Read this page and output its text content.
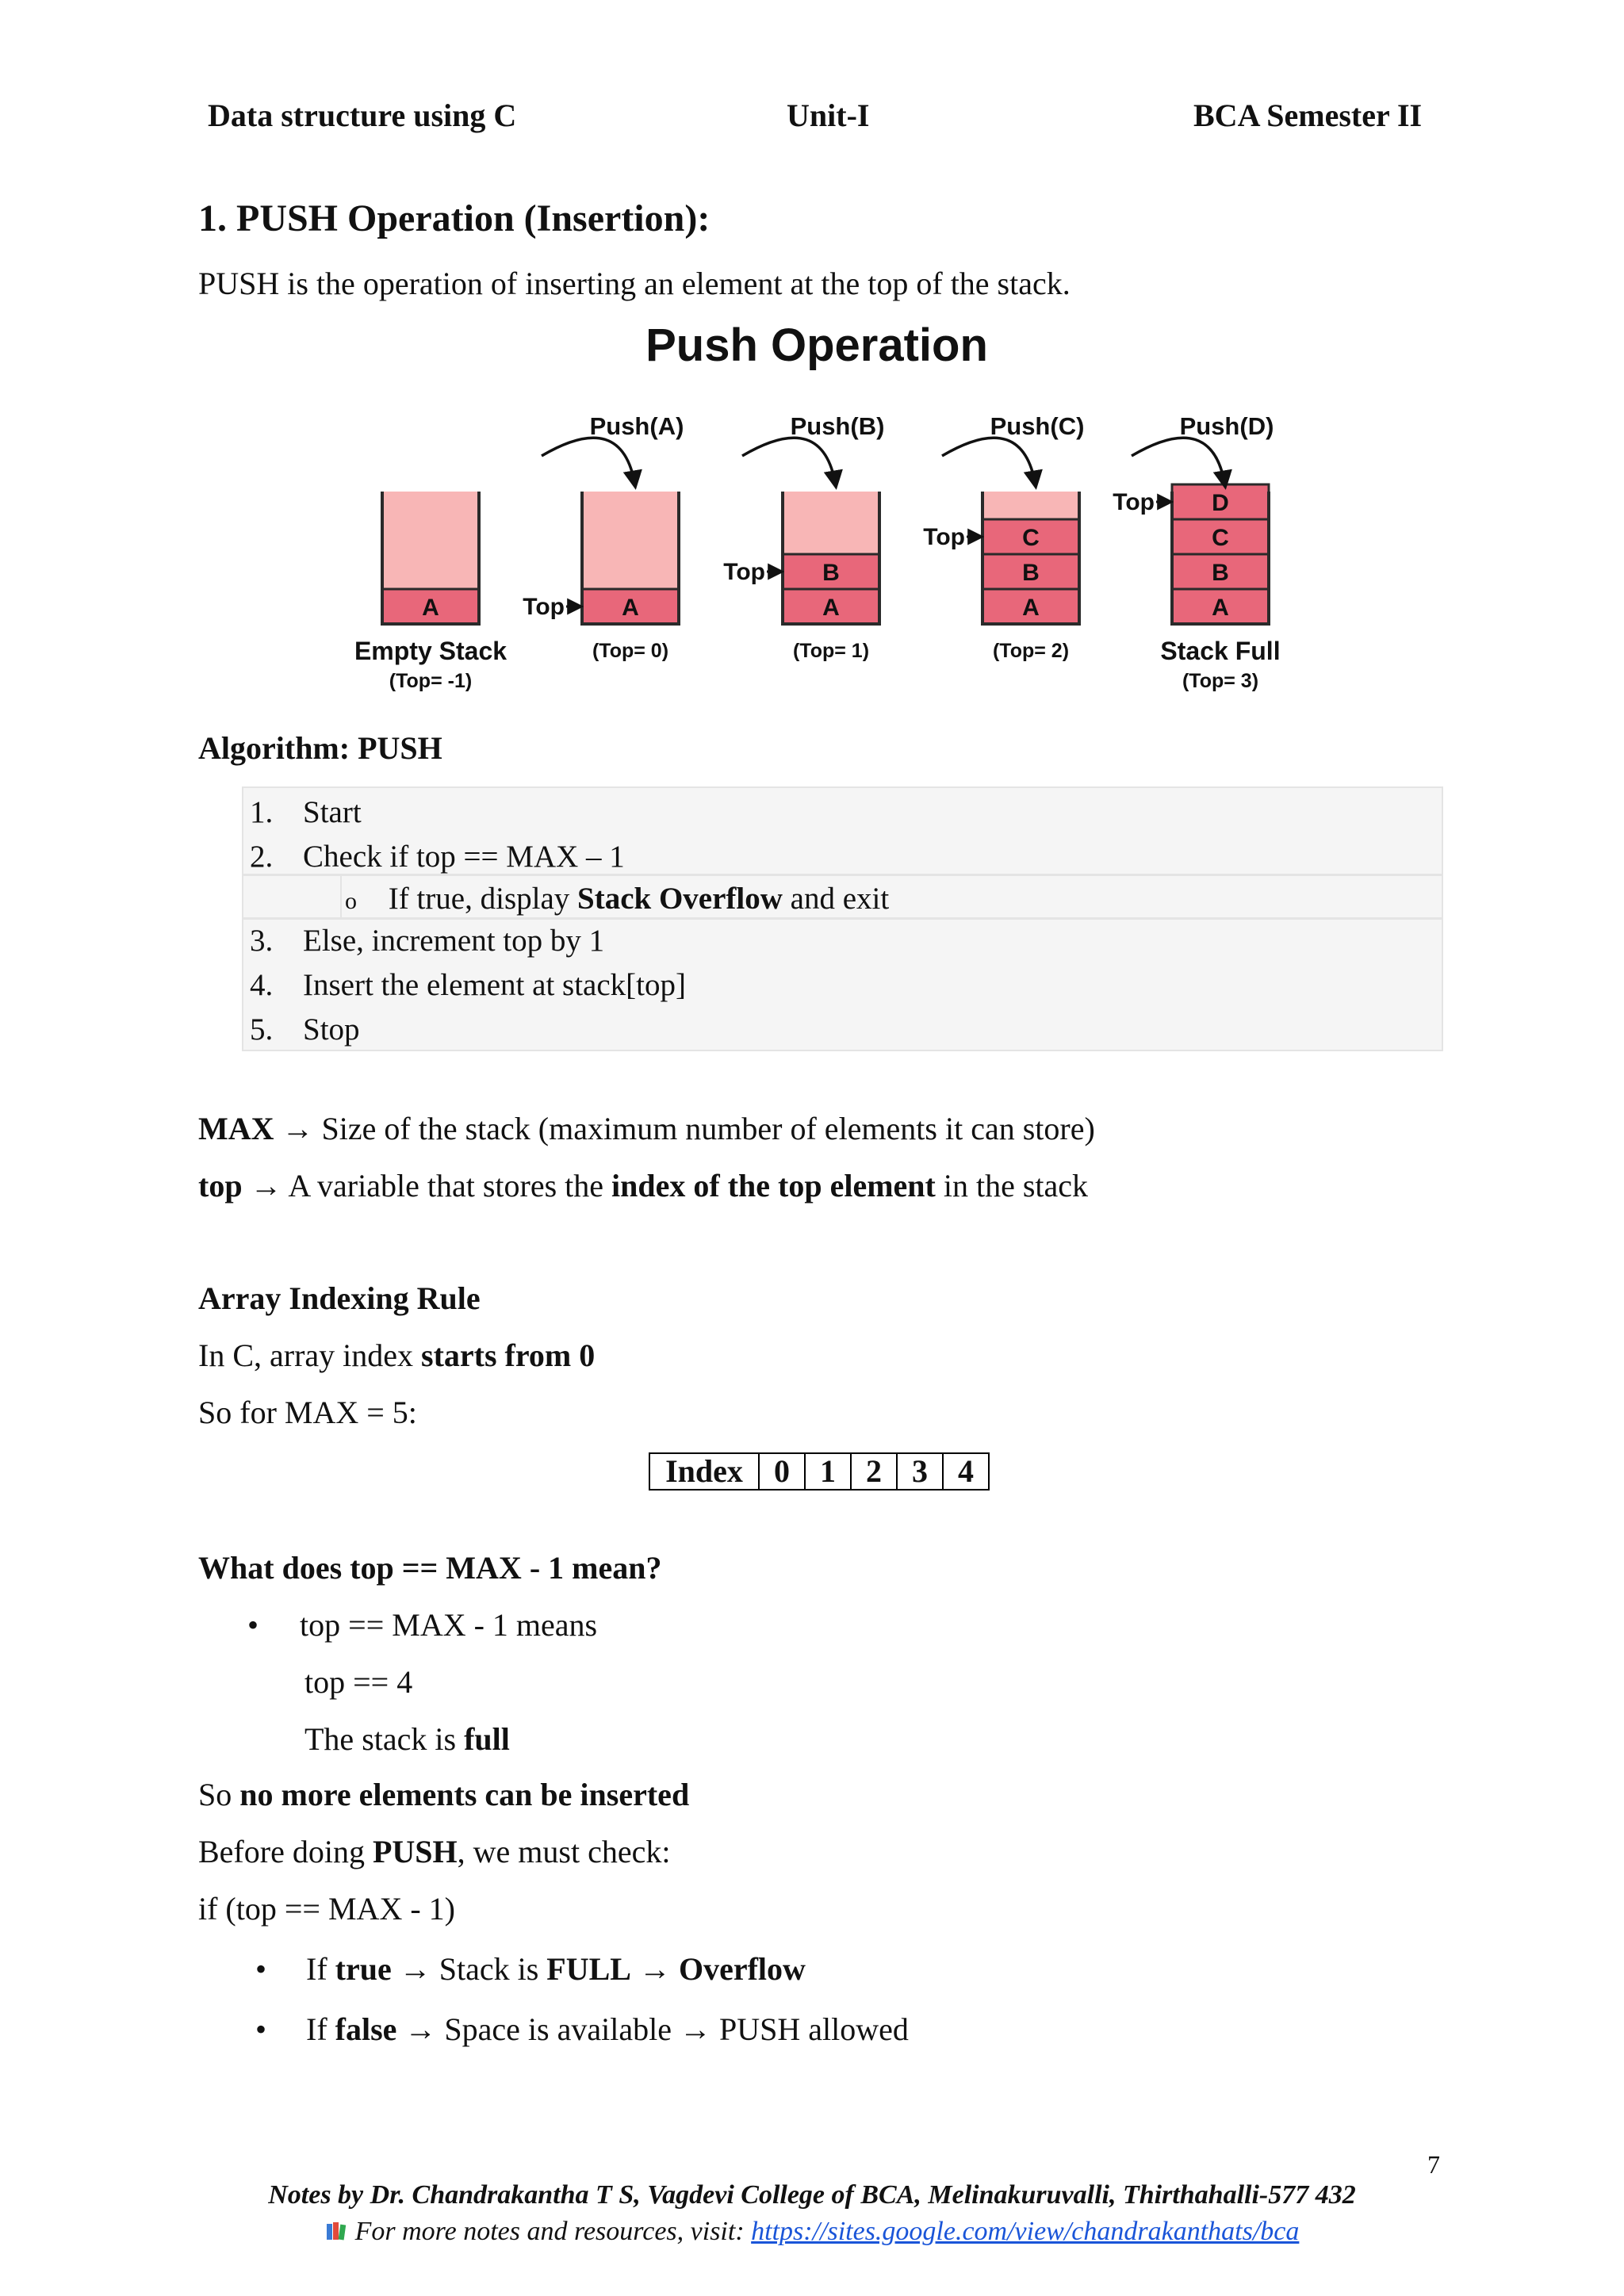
Data structure using C	Unit-I	BCA Semester II
1. PUSH Operation (Insertion):
PUSH is the operation of inserting an element at the top of the stack.
Push Operation
A
Empty Stack
(Top= -1)
A
(Top= 0)
Top	A
B
(Top= 1)
Top
A
B
C
(Top= 2)
Top
A
B
C
D
Stack Full
(Top= 3)
Top
Push(A)	Push(B)	Push(C)	Push(D)
Algorithm: PUSH
1. Start
2. Check if top == MAX – 1
o If true, display Stack Overflow and exit
3. Else, increment top by 1
4. Insert the element at stack[top]
5. Stop
MAX → Size of the stack (maximum number of elements it can store)
top → A variable that stores the index of the top element in the stack
Array Indexing Rule
In C, array index starts from 0
So for MAX = 5:
Index	0	1	2	3	4
What does top == MAX - 1 mean?
• top == MAX - 1 means
top == 4
The stack is full
So no more elements can be inserted
Before doing PUSH, we must check:
if (top == MAX - 1)
• If true → Stack is FULL → Overflow
• If false → Space is available → PUSH allowed
7
Notes by Dr. Chandrakantha T S, Vagdevi College of BCA, Melinakuruvalli, Thirthahalli-577 432
For more notes and resources, visit: https://sites.google.com/view/chandrakanthats/bca
